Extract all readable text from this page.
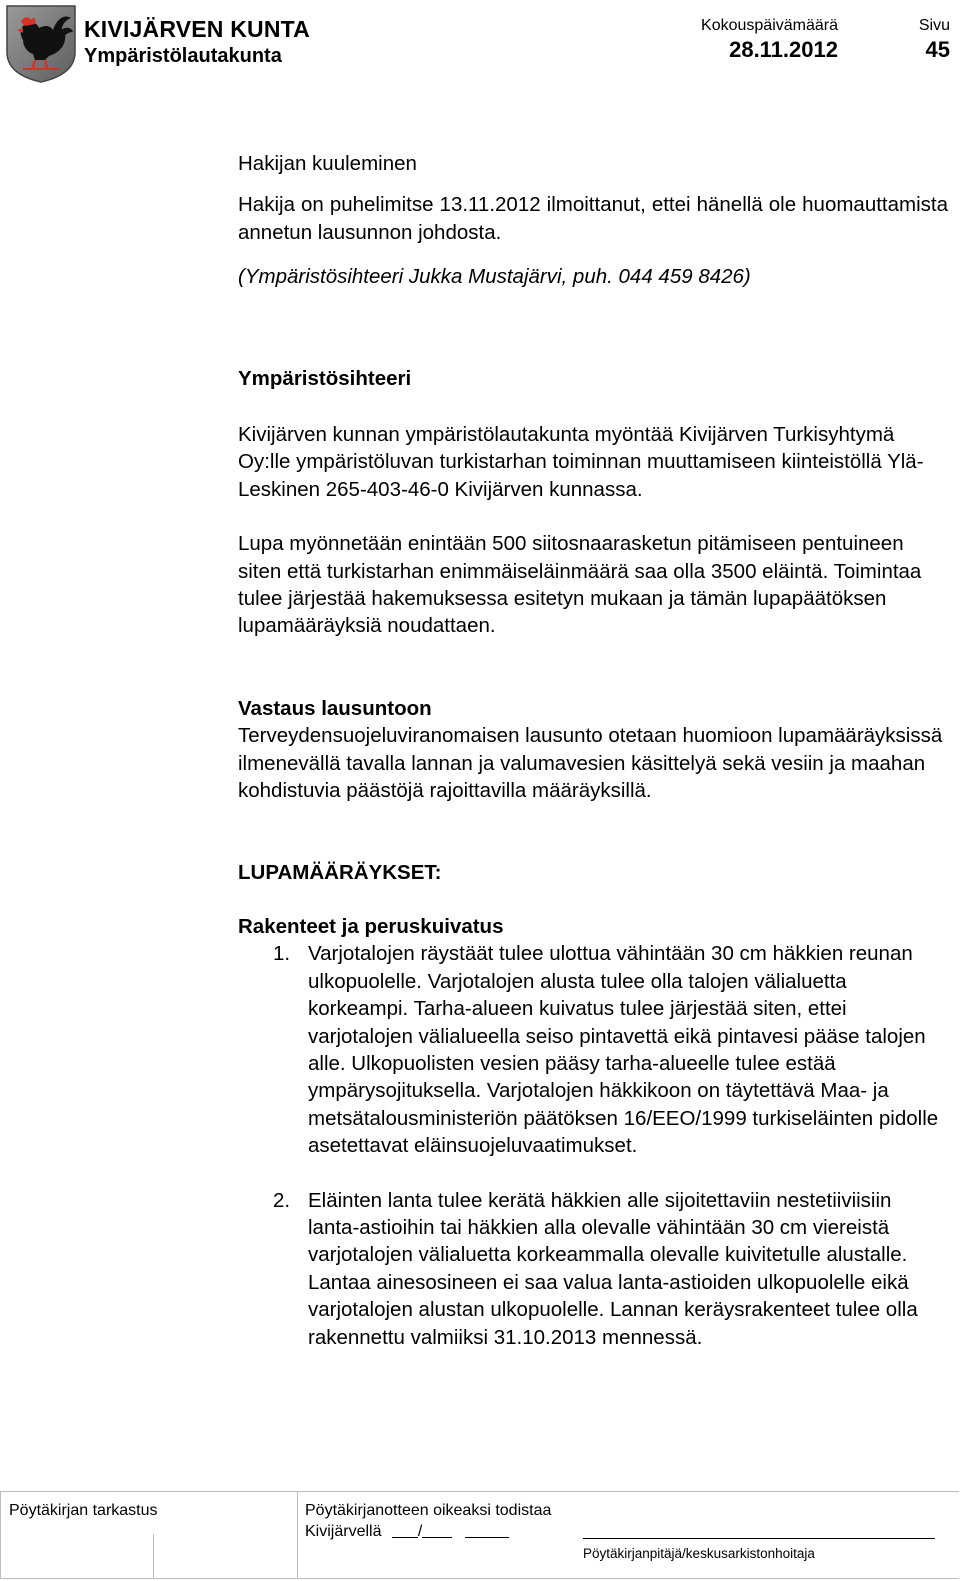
KIVIJÄRVEN KUNTA
Ympäristölautakunta
Kokouspäivämäärä
28.11.2012
Sivu
45

Hakijan kuuleminen

Hakija on puhelimitse 13.11.2012 ilmoittanut, ettei hänellä ole huomauttamista annetun lausunnon johdosta.

(Ympäristösihteeri Jukka Mustajärvi, puh. 044 459 8426)

Ympäristösihteeri

Kivijärven kunnan ympäristölautakunta myöntää Kivijärven Turkisyhtymä Oy:lle ympäristöluvan turkistarhan toiminnan muuttamiseen kiinteistöllä Ylä-Leskinen 265-403-46-0 Kivijärven kunnassa.

Lupa myönnetään enintään 500 siitosnaarasketun pitämiseen pentuineen siten että turkistarhan enimmäiseläinmäärä saa olla 3500 eläintä. Toimintaa tulee järjestää hakemuksessa esitetyn mukaan ja tämän lupapäätöksen lupamääräyksiä noudattaen.

Vastaus lausuntoon

Terveydensuojeluviranomaisen lausunto otetaan huomioon lupamääräyksissä ilmenevällä tavalla lannan ja valumavesien käsittelyä sekä vesiin ja maahan kohdistuvia päästöjä rajoittavilla määräyksillä.

LUPAMÄÄRÄYKSET:

Rakenteet ja peruskuivatus

1. Varjotalojen räystäät tulee ulottua vähintään 30 cm häkkien reunan ulkopuolelle. Varjotalojen alusta tulee olla talojen välialuetta korkeampi. Tarha-alueen kuivatus tulee järjestää siten, ettei varjotalojen välialueella seiso pintavettä eikä pintavesi pääse talojen alle. Ulkopuolisten vesien pääsy tarha-alueelle tulee estää ympärysojituksella. Varjotalojen häkkikoon on täytettävä Maa- ja metsätalousministeriön päätöksen 16/EEO/1999 turkiseläinten pidolle asetettavat eläinsuojeluvaatimukset.
2. Eläinten lanta tulee kerätä häkkien alle sijoitettaviin nestetiiviisiin lanta-astioihin tai häkkien alla olevalle vähintään 30 cm viereistä varjotalojen välialuetta korkeammalla olevalle kuivitetulle alustalle. Lantaa ainesosineen ei saa valua lanta-astioiden ulkopuolelle eikä varjotalojen alustan ulkopuolelle. Lannan keräysrakenteet tulee olla rakennettu valmiiksi 31.10.2013 mennessä.
Pöytäkirjan tarkastus	Pöytäkirjanotteen oikeaksi todistaa
Kivijärvellä /
Pöytäkirjanpitäjä/keskusarkistonhoitaja
